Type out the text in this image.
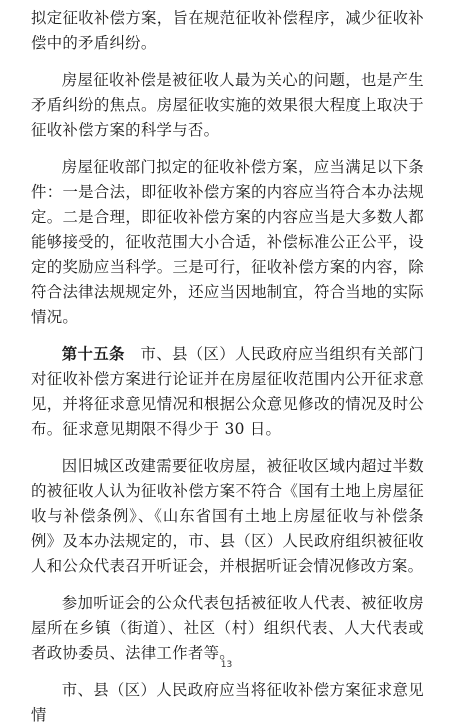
拟定征收补偿方案，旨在规范征收补偿程序，减少征收补偿中的矛盾纠纷。

房屋征收补偿是被征收人最为关心的问题，也是产生矛盾纠纷的焦点。房屋征收实施的效果很大程度上取决于征收补偿方案的科学与否。

房屋征收部门拟定的征收补偿方案，应当满足以下条件：一是合法，即征收补偿方案的内容应当符合本办法规定。二是合理，即征收补偿方案的内容应当是大多数人都能够接受的，征收范围大小合适，补偿标准公正公平，设定的奖励应当科学。三是可行，征收补偿方案的内容，除符合法律法规规定外，还应当因地制宜，符合当地的实际情况。

第十五条　 市、县（区）人民政府应当组织有关部门对征收补偿方案进行论证并在房屋征收范围内公开征求意见，并将征求意见情况和根据公众意见修改的情况及时公布。征求意见期限不得少于 30 日。

因旧城区改建需要征收房屋，被征收区域内超过半数的被征收人认为征收补偿方案不符合《国有土地上房屋征收与补偿条例》、《山东省国有土地上房屋征收与补偿条例》及本办法规定的，市、县（区）人民政府组织被征收人和公众代表召开听证会，并根据听证会情况修改方案。

参加听证会的公众代表包括被征收人代表、被征收房屋所在乡镇（街道）、社区（村）组织代表、人大代表或者政协委员、法律工作者等。

市、县（区）人民政府应当将征收补偿方案征求意见情

13
